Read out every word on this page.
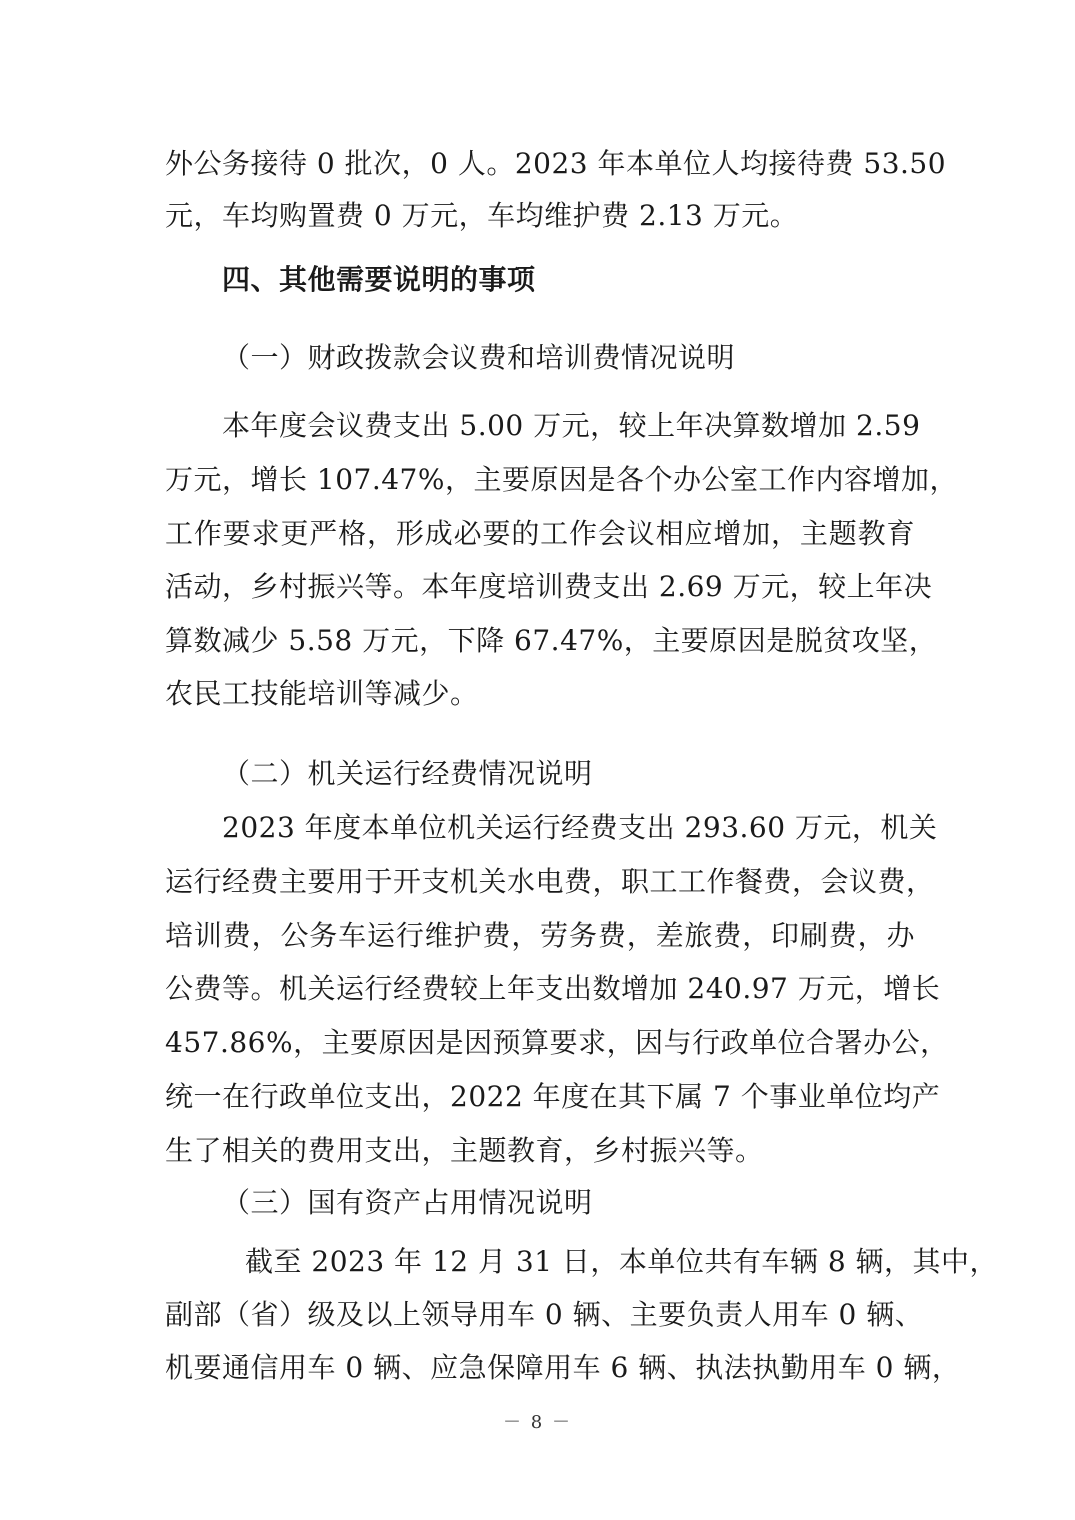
外公务接待 0 批次，0 人。2023 年本单位人均接待费 53.50
元，车均购置费 0 万元，车均维护费 2.13 万元。
四、其他需要说明的事项
（一）财政拨款会议费和培训费情况说明
本年度会议费支出 5.00 万元，较上年决算数增加 2.59
万元，增长 107.47%，主要原因是各个办公室工作内容增加，
工作要求更严格，形成必要的工作会议相应增加，主题教育
活动，乡村振兴等。本年度培训费支出 2.69 万元，较上年决
算数减少 5.58 万元，下降 67.47%，主要原因是脱贫攻坚，
农民工技能培训等减少。
（二）机关运行经费情况说明
2023 年度本单位机关运行经费支出 293.60 万元，机关
运行经费主要用于开支机关水电费，职工工作餐费，会议费，
培训费，公务车运行维护费，劳务费，差旅费，印刷费，办
公费等。机关运行经费较上年支出数增加 240.97 万元，增长
457.86%，主要原因是因预算要求，因与行政单位合署办公，
统一在行政单位支出，2022 年度在其下属 7 个事业单位均产
生了相关的费用支出，主题教育，乡村振兴等。
（三）国有资产占用情况说明
截至 2023 年 12 月 31 日，本单位共有车辆 8 辆，其中，
副部（省）级及以上领导用车 0 辆、主要负责人用车 0 辆、
机要通信用车 0 辆、应急保障用车 6 辆、执法执勤用车 0 辆，
－ 8 －
